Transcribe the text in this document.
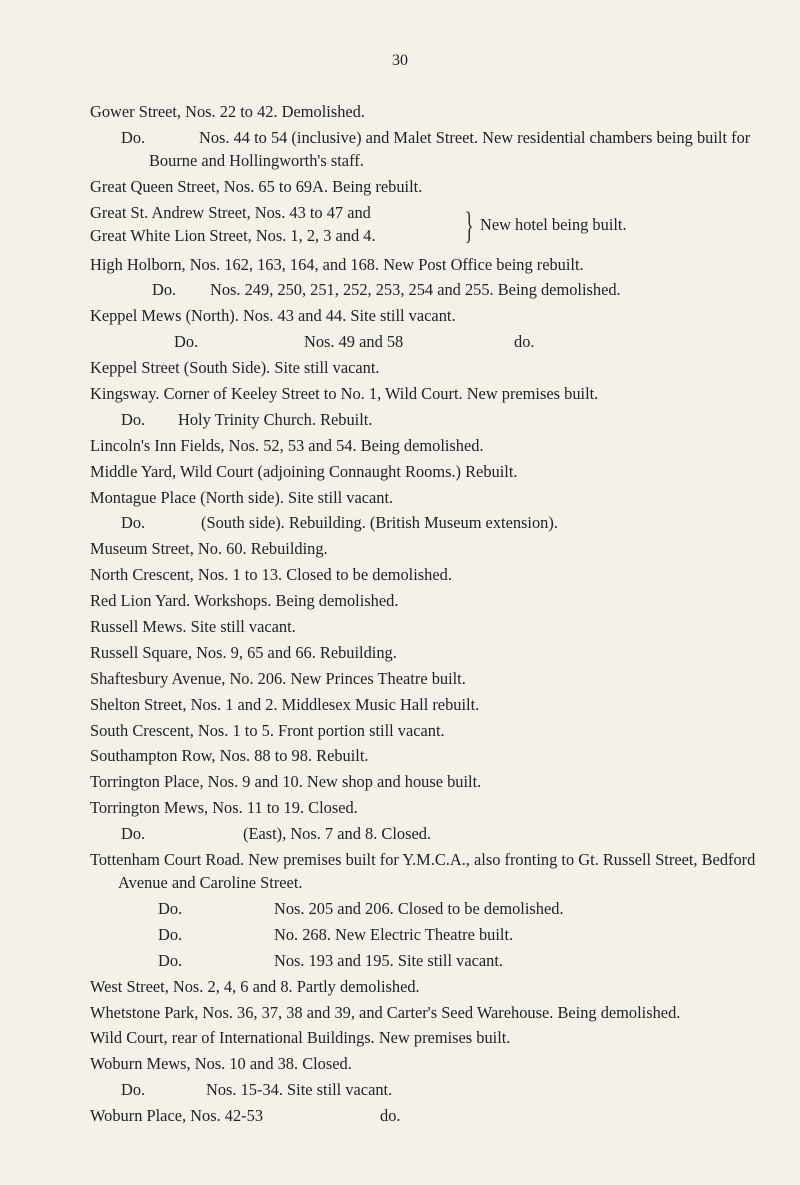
30
Gower Street, Nos. 22 to 42. Demolished.
Do.	Nos. 44 to 54 (inclusive) and Malet Street. New residential chambers being built for Bourne and Hollingworth's staff.
Great Queen Street, Nos. 65 to 69A. Being rebuilt.
Great St. Andrew Street, Nos. 43 to 47 and
Great White Lion Street, Nos. 1, 2, 3 and 4.	} New hotel being built.
High Holborn, Nos. 162, 163, 164, and 168. New Post Office being rebuilt.
Do. Nos. 249, 250, 251, 252, 253, 254 and 255. Being demolished.
Keppel Mews (North). Nos. 43 and 44. Site still vacant.
Do.	Nos. 49 and 58	do.
Keppel Street (South Side). Site still vacant.
Kingsway. Corner of Keeley Street to No. 1, Wild Court. New premises built.
Do. Holy Trinity Church. Rebuilt.
Lincoln's Inn Fields, Nos. 52, 53 and 54. Being demolished.
Middle Yard, Wild Court (adjoining Connaught Rooms.) Rebuilt.
Montague Place (North side). Site still vacant.
Do.	(South side). Rebuilding. (British Museum extension).
Museum Street, No. 60. Rebuilding.
North Crescent, Nos. 1 to 13. Closed to be demolished.
Red Lion Yard. Workshops. Being demolished.
Russell Mews. Site still vacant.
Russell Square, Nos. 9, 65 and 66. Rebuilding.
Shaftesbury Avenue, No. 206. New Princes Theatre built.
Shelton Street, Nos. 1 and 2. Middlesex Music Hall rebuilt.
South Crescent, Nos. 1 to 5. Front portion still vacant.
Southampton Row, Nos. 88 to 98. Rebuilt.
Torrington Place, Nos. 9 and 10. New shop and house built.
Torrington Mews, Nos. 11 to 19. Closed.
Do.	(East), Nos. 7 and 8. Closed.
Tottenham Court Road. New premises built for Y.M.C.A., also fronting to Gt. Russell Street, Bedford Avenue and Caroline Street.
Do.	Nos. 205 and 206. Closed to be demolished.
Do.	No. 268. New Electric Theatre built.
Do.	Nos. 193 and 195. Site still vacant.
West Street, Nos. 2, 4, 6 and 8. Partly demolished.
Whetstone Park, Nos. 36, 37, 38 and 39, and Carter's Seed Warehouse. Being demolished.
Wild Court, rear of International Buildings. New premises built.
Woburn Mews, Nos. 10 and 38. Closed.
Do.	Nos. 15-34. Site still vacant.
Woburn Place, Nos. 42-53	do.
